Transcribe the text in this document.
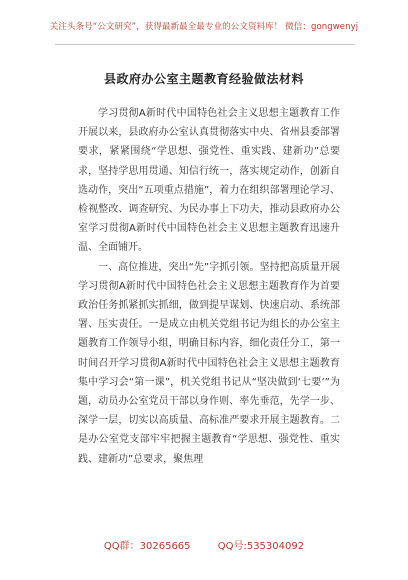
关注头条号“公文研究”，获得最新最全最专业的公文资料库！ 微信：gongwenyj
县政府办公室主题教育经验做法材料

学习贯彻A新时代中国特色社会主义思想主题教育工作开展以来，县政府办公室认真贯彻落实中央、省州县委部署要求，紧紧围绕“学思想、强党性、重实践、建新功”总要求，坚持学思用贯通、知信行统一，落实规定动作，创新自选动作，突出“五项重点措施”，着力在组织部署理论学习、检视整改、调查研究、为民办事上下功夫，推动县政府办公室学习贯彻A新时代中国特色社会主义思想主题教育迅速升温、全面铺开。

一、高位推进，突出“先”字抓引领。坚持把高质量开展学习贯彻A新时代中国特色社会主义思想主题教育作为首要政治任务抓紧抓实抓细，做到提早谋划、快速启动、系统部署、压实责任。一是成立由机关党组书记为组长的办公室主题教育工作领导小组，明确目标内容，细化责任分工，第一时间召开学习贯彻A新时代中国特色社会主义思想主题教育集中学习会“第一课”，机关党组书记从“坚决做到‘七要’”为题，动员办公室党员干部以身作则、率先垂范，先学一步、深学一层，切实以高质量、高标准严要求开展主题教育。二是办公室党支部牢牢把握主题教育“学思想、强党性、重实践、建新功”总要求，聚焦理

QQ群：30265665	QQ号:535304092
